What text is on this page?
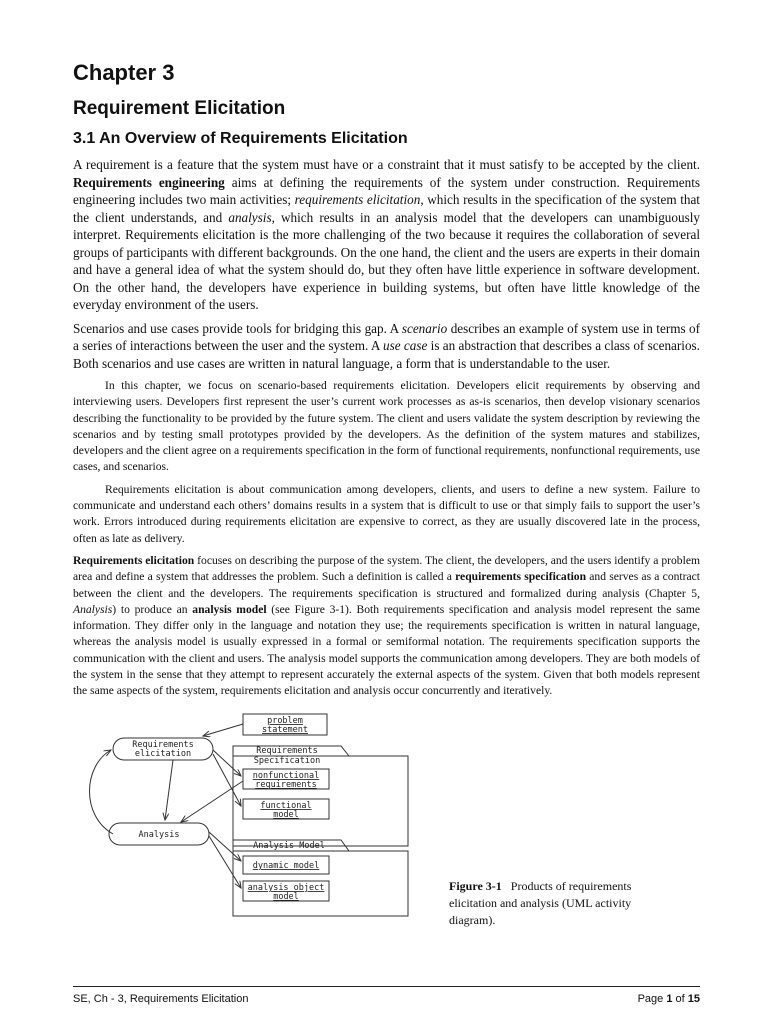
Chapter 3
Requirement Elicitation
3.1 An Overview of Requirements Elicitation

A requirement is a feature that the system must have or a constraint that it must satisfy to be accepted by the client. Requirements engineering aims at defining the requirements of the system under construction. Requirements engineering includes two main activities; requirements elicitation, which results in the specification of the system that the client understands, and analysis, which results in an analysis model that the developers can unambiguously interpret. Requirements elicitation is the more challenging of the two because it requires the collaboration of several groups of participants with different backgrounds. On the one hand, the client and the users are experts in their domain and have a general idea of what the system should do, but they often have little experience in software development. On the other hand, the developers have experience in building systems, but often have little knowledge of the everyday environment of the users.

Scenarios and use cases provide tools for bridging this gap. A scenario describes an example of system use in terms of a series of interactions between the user and the system. A use case is an abstraction that describes a class of scenarios. Both scenarios and use cases are written in natural language, a form that is understandable to the user.

In this chapter, we focus on scenario-based requirements elicitation. Developers elicit requirements by observing and interviewing users. Developers first represent the user’s current work processes as as-is scenarios, then develop visionary scenarios describing the functionality to be provided by the future system. The client and users validate the system description by reviewing the scenarios and by testing small prototypes provided by the developers. As the definition of the system matures and stabilizes, developers and the client agree on a requirements specification in the form of functional requirements, nonfunctional requirements, use cases, and scenarios.

Requirements elicitation is about communication among developers, clients, and users to define a new system. Failure to communicate and understand each others’ domains results in a system that is difficult to use or that simply fails to support the user’s work. Errors introduced during requirements elicitation are expensive to correct, as they are usually discovered late in the process, often as late as delivery.

Requirements elicitation focuses on describing the purpose of the system. The client, the developers, and the users identify a problem area and define a system that addresses the problem. Such a definition is called a requirements specification and serves as a contract between the client and the developers. The requirements specification is structured and formalized during analysis (Chapter 5, Analysis) to produce an analysis model (see Figure 3-1). Both requirements specification and analysis model represent the same information. They differ only in the language and notation they use; the requirements specification is written in natural language, whereas the analysis model is usually expressed in a formal or semiformal notation. The requirements specification supports the communication with the client and users. The analysis model supports the communication among developers. They are both models of the system in the sense that they attempt to represent accurately the external aspects of the system. Given that both models represent the same aspects of the system, requirements elicitation and analysis occur concurrently and iteratively.

problem
statement
Requirements
elicitation	Requirements
Specification
nonfunctional
requirements
functional
model
Analysis
Analysis Model
dynamic model
analysis object
model
Figure 3-1 Products of requirements elicitation and analysis (UML activity diagram).
SE, Ch - 3, Requirements Elicitation	Page 1 of 15
